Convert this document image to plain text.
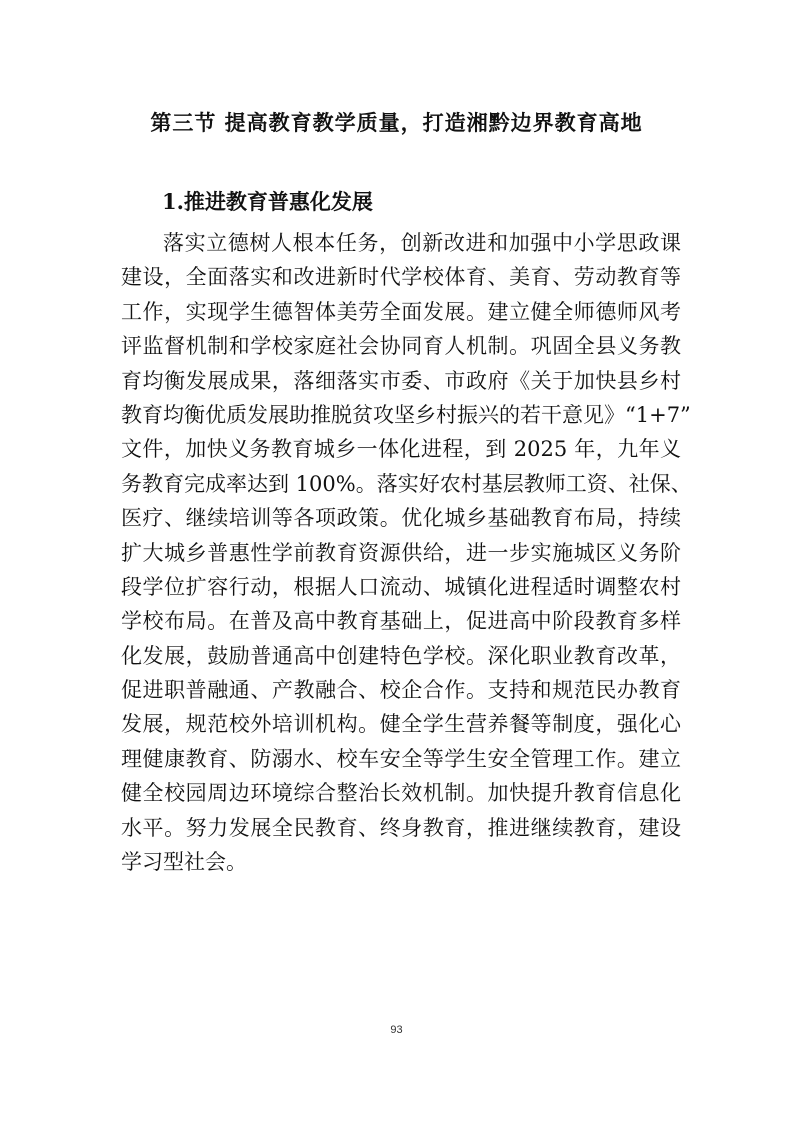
第三节 提高教育教学质量，打造湘黔边界教育高地
1.推进教育普惠化发展
落实立德树人根本任务，创新改进和加强中小学思政课
建设，全面落实和改进新时代学校体育、美育、劳动教育等
工作，实现学生德智体美劳全面发展。建立健全师德师风考
评监督机制和学校家庭社会协同育人机制。巩固全县义务教
育均衡发展成果，落细落实市委、市政府《关于加快县乡村
教育均衡优质发展助推脱贫攻坚乡村振兴的若干意见》“1+7”
文件，加快义务教育城乡一体化进程，到 2025 年，九年义
务教育完成率达到 100%。落实好农村基层教师工资、社保、
医疗、继续培训等各项政策。优化城乡基础教育布局，持续
扩大城乡普惠性学前教育资源供给，进一步实施城区义务阶
段学位扩容行动，根据人口流动、城镇化进程适时调整农村
学校布局。在普及高中教育基础上，促进高中阶段教育多样
化发展，鼓励普通高中创建特色学校。深化职业教育改革，
促进职普融通、产教融合、校企合作。支持和规范民办教育
发展，规范校外培训机构。健全学生营养餐等制度，强化心
理健康教育、防溺水、校车安全等学生安全管理工作。建立
健全校园周边环境综合整治长效机制。加快提升教育信息化
水平。努力发展全民教育、终身教育，推进继续教育，建设
学习型社会。
93
